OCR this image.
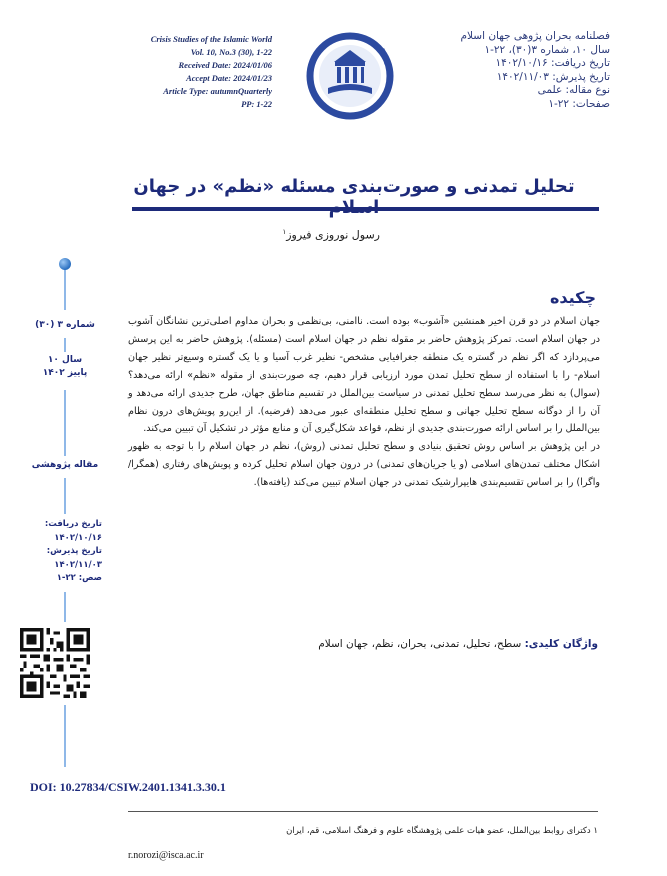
Crisis Studies of the Islamic World
Vol. 10, No.3 (30), 1-22
Received Date: 2024/01/06
Accept Date: 2024/01/23
Article Type: autumnQuarterly
PP: 1-22
فصلنامه بحران پژوهی جهان اسلام
سال ۱۰، شماره ۳(۳۰)، ۲۲-۱
تاریخ دریافت: ۱۴۰۲/۱۰/۱۶
تاریخ پذیرش: ۱۴۰۲/۱۱/۰۳
نوع مقاله: علمی
صفحات: ۲۲-۱
تحلیل تمدنی و صورت‌بندی مسئله «نظم» در جهان
رسول نوروزی فیروز$^۱$
شماره ۳ (۳۰)
سال ۱۰
پاییز ۱۴۰۲
مقاله پژوهشی
تاریخ دریافت:
۱۴۰۲/۱۰/۱۶
تاریخ پذیرش:
۱۴۰۲/۱۱/۰۳
صص: ۲۲-۱
چکیده
جهان اسلام در دو قرن اخیر همنشین «آشوب» بوده است. ناامنی، بی‌نظمی و بحران مداوم اصلی‌ترین نشانگان آشوب در جهان اسلام است. تمرکز پژوهش حاضر بر مقوله نظم در جهان اسلام است (مسئله). پژوهش حاضر به این پرسش می‌پردازد که اگر نظم در گستره یک منطقه جغرافیایی مشخص- نظیر غرب آسیا و یا یک گستره وسیع‌تر نظیر جهان اسلام- را با استفاده از سطح تحلیل تمدن مورد ارزیابی قرار دهیم، چه صورت‌بندی از مقوله «نظم» ارائه می‌دهد؟ (سوال) به نظر می‌رسد سطح تحلیل تمدنی در سیاست بین‌الملل در تقسیم مناطق جهان، طرح جدیدی ارائه می‌دهد و آن را از دوگانه سطح تحلیل جهانی و سطح تحلیل منطقه‌ای عبور می‌دهد (فرضیه). از این‌رو پویش‌های درون نظام بین‌الملل را بر اساس ارائه صورت‌بندی جدیدی از نظم، قواعد شکل‌گیری آن و منابع مؤثر در تشکیل آن تبیین می‌کند.
در این پژوهش بر اساس روش تحقیق بنیادی و سطح تحلیل تمدنی (روش)، نظم در جهان اسلام را با توجه به ظهور اشکال مختلف تمدن‌های اسلامی (و یا جریان‌های تمدنی) در درون جهان اسلام تحلیل کرده و پویش‌های رفتاری (همگرا/ واگرا) را بر اساس تقسیم‌بندی هایپرارشیک تمدنی در جهان اسلام تبیین می‌کند (یافته‌ها).
واژگان کلیدی: سطح، تحلیل، تمدنی، بحران، نظم، جهان اسلام
DOI: 10.27834/CSIW.2401.1341.3.30.1
۱ دکترای روابط بین‌الملل، عضو هیات علمی پژوهشگاه علوم و فرهنگ اسلامی، قم، ایران
r.norozi@isca.ac.ir
